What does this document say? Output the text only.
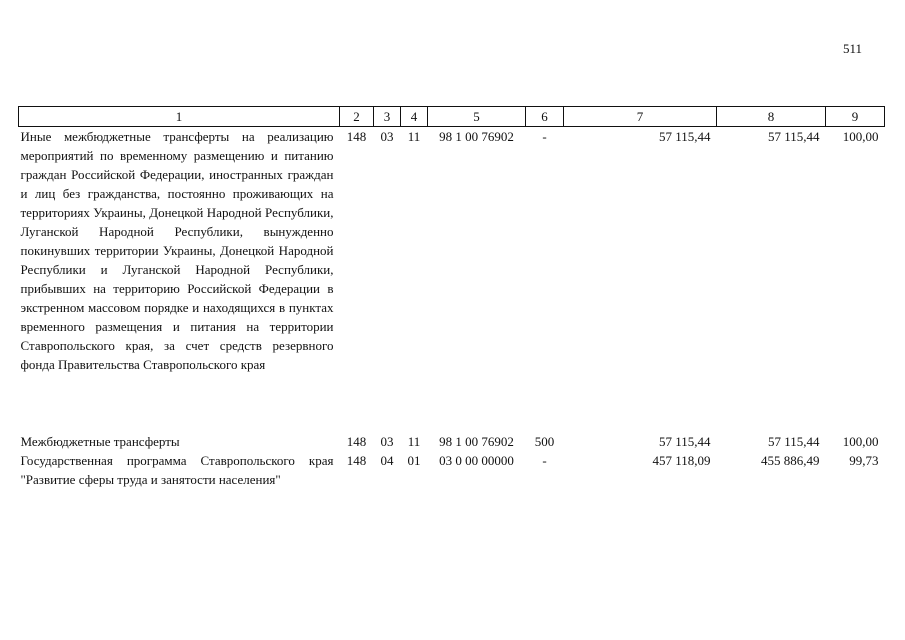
511
1	2	3	4	5	6	7	8	9
Иные межбюджетные трансферты на реализацию мероприятий по временному размещению и питанию граждан Российской Федерации, иностранных граждан и лиц без гражданства, постоянно проживающих на территориях Украины, Донецкой Народной Республики, Луганской Народной Республики, вынужденно покинувших территории Украины, Донецкой Народной Республики и Луганской Народной Республики, прибывших на территорию Российской Федерации в экстренном массовом порядке и находящихся в пунктах временного размещения и питания на территории Ставропольского края, за счет средств резервного фонда Правительства Ставропольского края	148	03	11	98 1 00 76902	-	57 115,44	57 115,44	100,00

Межбюджетные трансферты	148	03	11	98 1 00 76902	500	57 115,44	57 115,44	100,00
Государственная программа Ставропольского края "Развитие сферы труда и занятости населения"	148	04	01	03 0 00 00000	-	457 118,09	455 886,49	99,73
